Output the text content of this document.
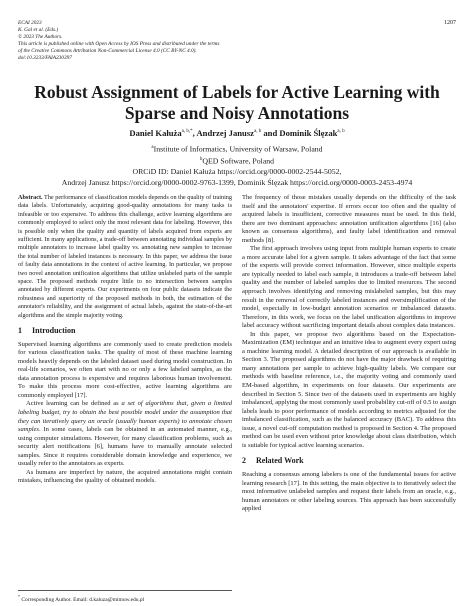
ECAI 2023
K. Gal et al. (Eds.)
© 2023 The Authors.
This article is published online with Open Access by IOS Press and distributed under the terms
of the Creative Commons Attribution Non-Commercial License 4.0 (CC BY-NC 4.0).
doi:10.3233/FAIA230397
1207
Robust Assignment of Labels for Active Learning with
Sparse and Noisy Annotations
Daniel Kałuża$^{a, b,*}$, Andrzej Janusz$^{a, b}$ and Dominik Ślęzak$^{a, b}$
$^a$Institute of Informatics, University of Warsaw, Poland
$^b$QED Software, Poland
ORCiD ID: Daniel Kałuża https://orcid.org/0000-0002-2544-5052,
Andrzej Janusz https://orcid.org/0000-0002-9763-1399, Dominik Ślęzak https://orcid.org/0000-0003-2453-4974

Abstract. The performance of classification models depends on the quality of training data labels. Unfortunately, acquiring good-quality annotations for many tasks is infeasible or too expensive. To address this challenge, active learning algorithms are commonly employed to select only the most relevant data for labeling. However, this is possible only when the quality and quantity of labels acquired from experts are sufficient. In many applications, a trade-off between annotating individual samples by multiple annotators to increase label quality vs. annotating new samples to increase the total number of labeled instances is necessary. In this paper, we address the issue of faulty data annotations in the context of active learning. In particular, we propose two novel annotation unification algorithms that utilize unlabeled parts of the sample space. The proposed methods require little to no intersection between samples annotated by different experts. Our experiments on four public datasets indicate the robustness and superiority of the proposed methods in both, the estimation of the annotator's reliability, and the assignment of actual labels, against the state-of-the-art algorithms and the simple majority voting.

1 Introduction

Supervised learning algorithms are commonly used to create prediction models for various classification tasks. The quality of most of these machine learning models heavily depends on the labeled dataset used during model construction. In real-life scenarios, we often start with no or only a few labeled samples, as the data annotation process is expensive and requires laborious human involvement. To make this process more cost-effective, active learning algorithms are commonly employed [17].

Active learning can be defined as a set of algorithms that, given a limited labeling budget, try to obtain the best possible model under the assumption that they can iteratively query an oracle (usually human experts) to annotate chosen samples. In some cases, labels can be obtained in an automated manner, e.g., using computer simulations. However, for many classification problems, such as security alert notifications [6], humans have to manually annotate selected samples. Since it requires considerable domain knowledge and experience, we usually refer to the annotators as experts.

As humans are imperfect by nature, the acquired annotations might contain mistakes, influencing the quality of obtained models.

The frequency of those mistakes usually depends on the difficulty of the task itself and the annotators' expertise. If errors occur too often and the quality of acquired labels is insufficient, corrective measures must be used. In this field, there are two dominant approaches: annotation unification algorithms [16] (also known as consensus algorithms), and faulty label identification and removal methods [8].

The first approach involves using input from multiple human experts to create a more accurate label for a given sample. It takes advantage of the fact that some of the experts will provide correct information. However, since multiple experts are typically needed to label each sample, it introduces a trade-off between label quality and the number of labeled samples due to limited resources. The second approach involves identifying and removing mislabeled samples, but this may result in the removal of correctly labeled instances and oversimplification of the model, especially in low-budget annotation scenarios or imbalanced datasets. Therefore, in this work, we focus on the label unification algorithms to improve label accuracy without sacrificing important details about complex data instances.

In this paper, we propose two algorithms based on the Expectation-Maximization (EM) technique and an intuitive idea to augment every expert using a machine learning model. A detailed description of our approach is available in Section 3. The proposed algorithms do not have the major drawback of requiring many annotations per sample to achieve high-quality labels. We compare our methods with baseline reference, i.e., the majority voting and commonly used EM-based algorithm, in experiments on four datasets. Our experiments are described in Section 5. Since two of the datasets used in experiments are highly imbalanced, applying the most commonly used probability cut-off of 0.5 to assign labels leads to poor performance of models according to metrics adjusted for the imbalanced classification, such as the balanced accuracy (BAC). To address this issue, a novel cut-off computation method is proposed in Section 4. The proposed method can be used even without prior knowledge about class distribution, which is suitable for typical active learning scenarios.

2 Related Work

Reaching a consensus among labelers is one of the fundamental issues for active learning research [17]. In this setting, the main objective is to iteratively select the most informative unlabeled samples and request their labels from an oracle, e.g., human annotators or other labeling sources. This approach has been successfully applied

* Corresponding Author. Email: d.kaluza@mimuw.edu.pl
